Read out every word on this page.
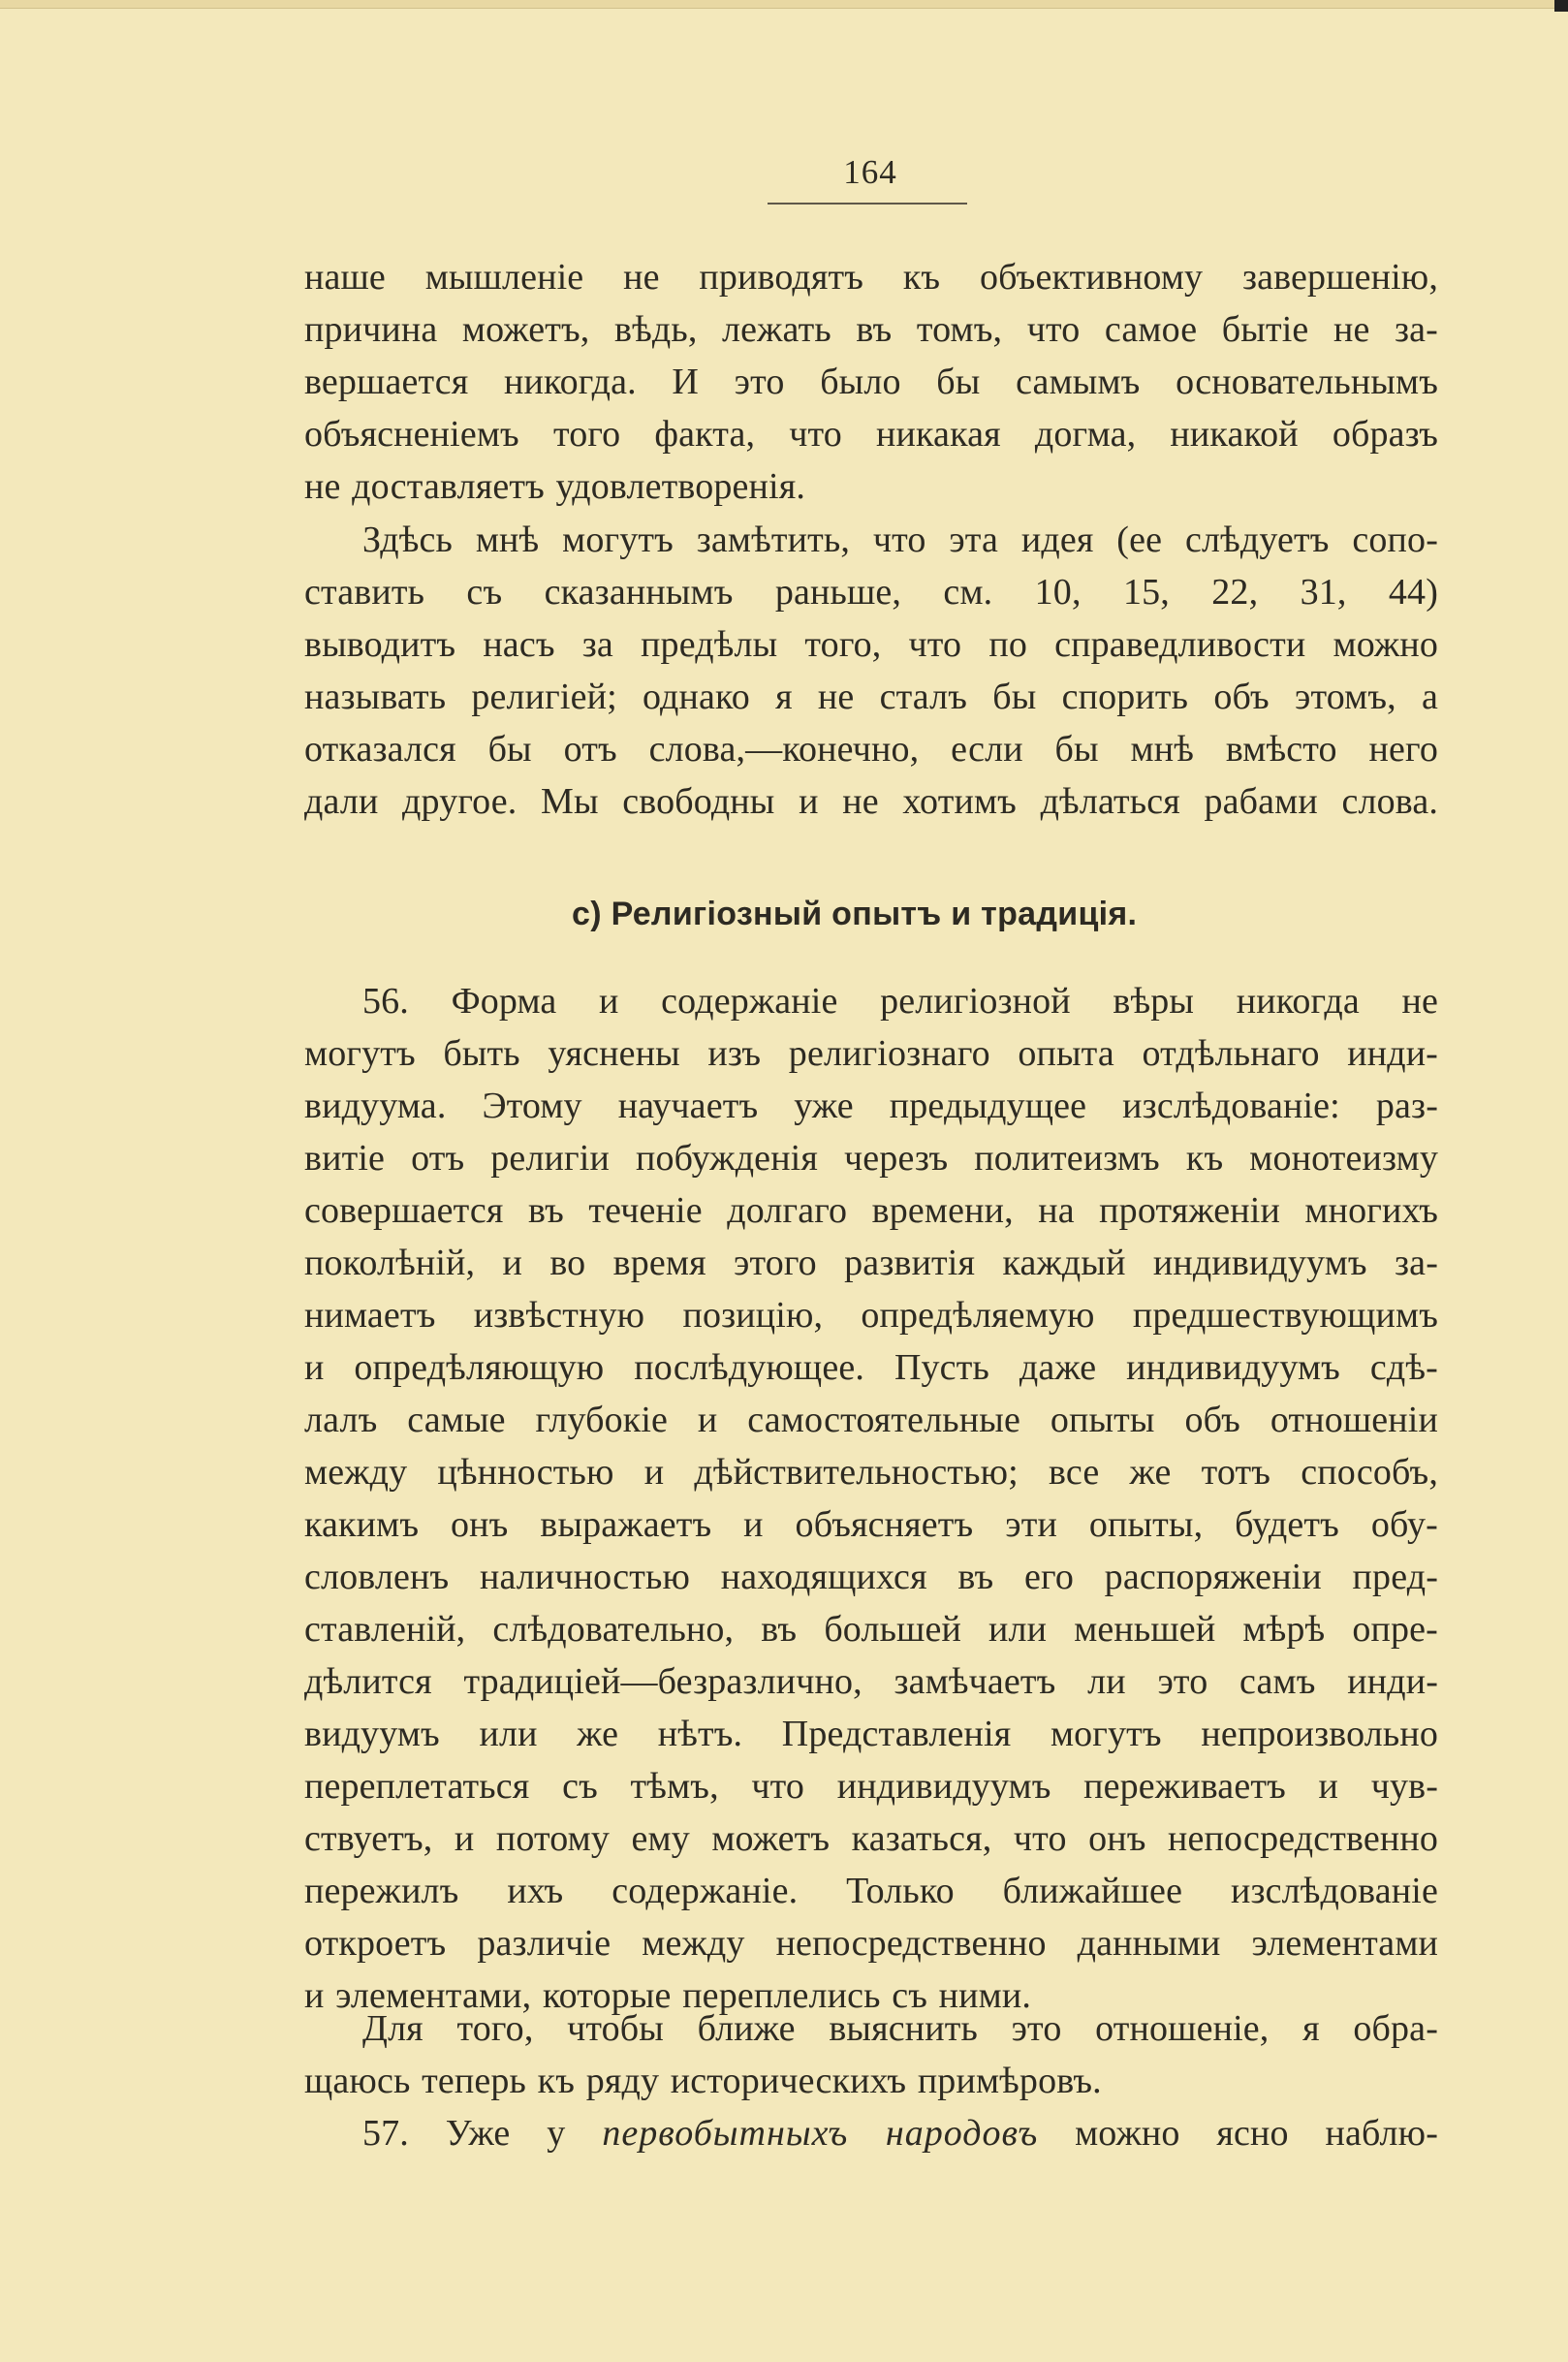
164
наше мышленіе не приводятъ къ объективному завершенію,
причина можетъ, вѣдь, лежать въ томъ, что самое бытіе не за-
вершается никогда. И это было бы самымъ основательнымъ
объясненіемъ того факта, что никакая догма, никакой образъ
не доставляетъ удовлетворенія.
Здѣсь мнѣ могутъ замѣтить, что эта идея (ее слѣдуетъ сопо-
ставить съ сказаннымъ раньше, см. 10, 15, 22, 31, 44)
выводитъ насъ за предѣлы того, что по справедливости можно
называть религіей; однако я не сталъ бы спорить объ этомъ, а
отказался бы отъ слова,—конечно, если бы мнѣ вмѣсто него
дали другое. Мы свободны и не хотимъ дѣлаться рабами слова.
c) Религіозный опытъ и традиція.
56. Форма и содержаніе религіозной вѣры никогда не
могутъ быть уяснены изъ религіознаго опыта отдѣльнаго инди-
видуума. Этому научаетъ уже предыдущее изслѣдованіе: раз-
витіе отъ религіи побужденія черезъ политеизмъ къ монотеизму
совершается въ теченіе долгаго времени, на протяженіи многихъ
поколѣній, и во время этого развитія каждый индивидуумъ за-
нимаетъ извѣстную позицію, опредѣляемую предшествующимъ
и опредѣляющую послѣдующее. Пусть даже индивидуумъ сдѣ-
лалъ самые глубокіе и самостоятельные опыты объ отношеніи
между цѣнностью и дѣйствительностью; все же тотъ способъ,
какимъ онъ выражаетъ и объясняетъ эти опыты, будетъ обу-
словленъ наличностью находящихся въ его распоряженіи пред-
ставленій, слѣдовательно, въ большей или меньшей мѣрѣ опре-
дѣлится традиціей—безразлично, замѣчаетъ ли это самъ инди-
видуумъ или же нѣтъ. Представленія могутъ непроизвольно
переплетаться съ тѣмъ, что индивидуумъ переживаетъ и чув-
ствуетъ, и потому ему можетъ казаться, что онъ непосредственно
пережилъ ихъ содержаніе. Только ближайшее изслѣдованіе
откроетъ различіе между непосредственно данными элементами
и элементами, которые переплелись съ ними.
Для того, чтобы ближе выяснить это отношеніе, я обра-
щаюсь теперь къ ряду историческихъ примѣровъ.
57. Уже у первобытныхъ народовъ можно ясно наблю-
